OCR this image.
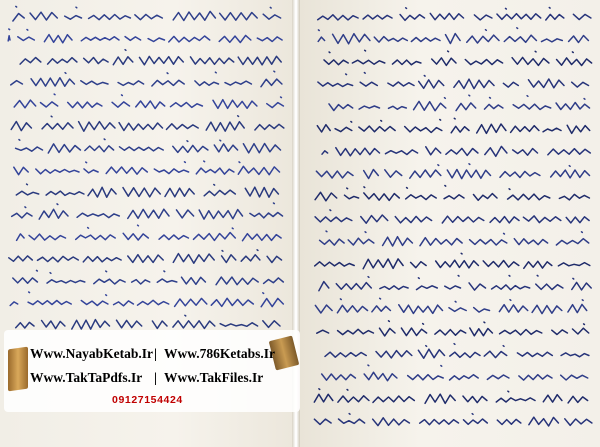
Www.NayabKetab.Ir | Www.786Ketabs.Ir
Www.TakTaPdfs.Ir | Www.TakFiles.Ir
09127154424
